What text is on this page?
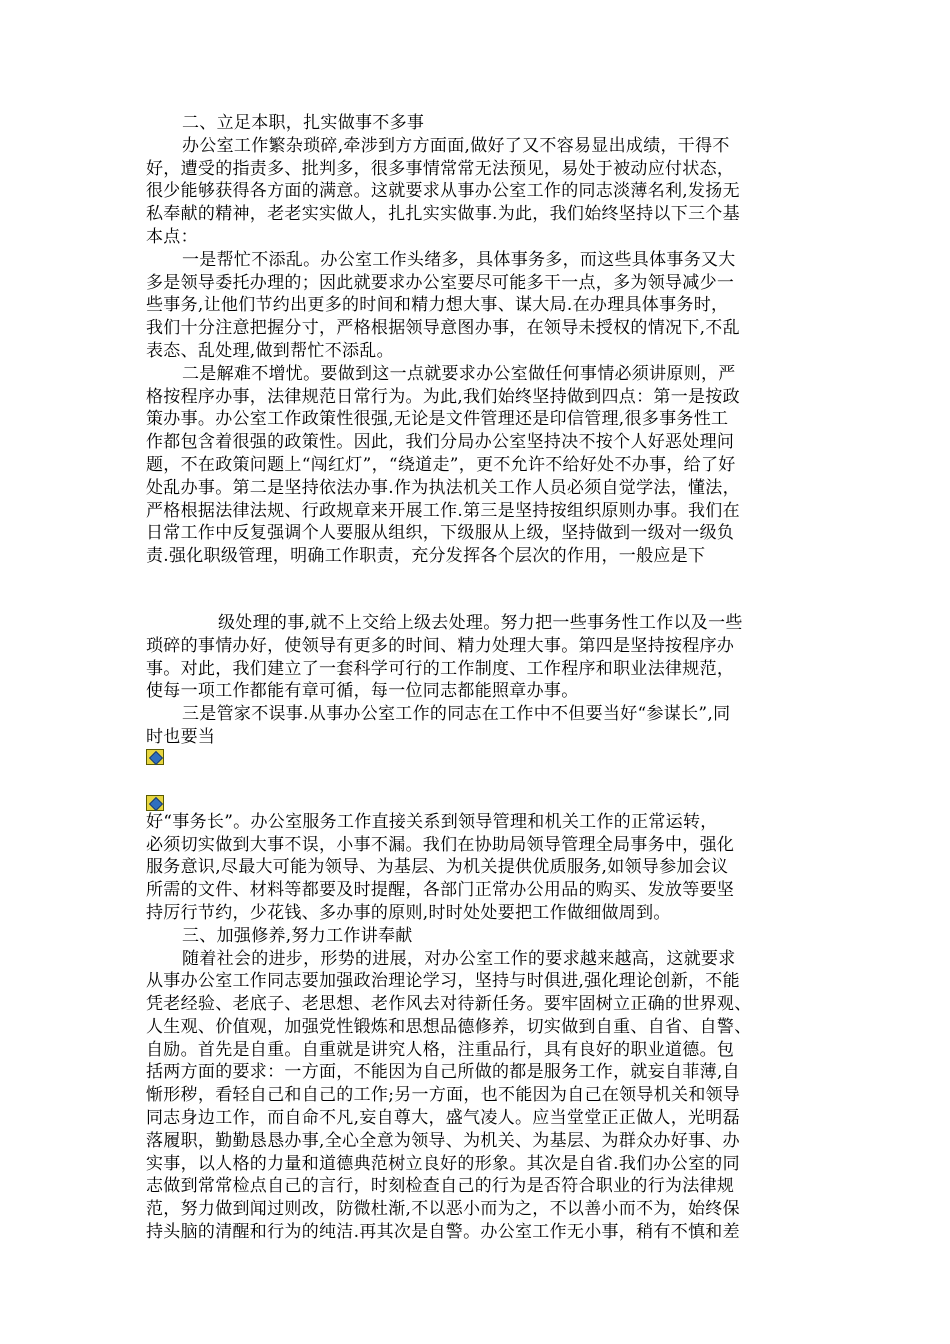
二、立足本职，扎实做事不多事
办公室工作繁杂琐碎,牵涉到方方面面,做好了又不容易显出成绩，干得不
好，遭受的指责多、批判多，很多事情常常无法预见，易处于被动应付状态，
很少能够获得各方面的满意。这就要求从事办公室工作的同志淡薄名利,发扬无
私奉献的精神，老老实实做人，扎扎实实做事.为此，我们始终坚持以下三个基
本点：
一是帮忙不添乱。办公室工作头绪多，具体事务多，而这些具体事务又大
多是领导委托办理的；因此就要求办公室要尽可能多干一点，多为领导减少一
些事务,让他们节约出更多的时间和精力想大事、谋大局.在办理具体事务时，
我们十分注意把握分寸，严格根据领导意图办事，在领导未授权的情况下,不乱
表态、乱处理,做到帮忙不添乱。
二是解难不增忧。要做到这一点就要求办公室做任何事情必须讲原则，严
格按程序办事，法律规范日常行为。为此,我们始终坚持做到四点：第一是按政
策办事。办公室工作政策性很强,无论是文件管理还是印信管理,很多事务性工
作都包含着很强的政策性。因此，我们分局办公室坚持决不按个人好恶处理问
题，不在政策问题上“闯红灯”，“绕道走”，更不允许不给好处不办事，给了好
处乱办事。第二是坚持依法办事.作为执法机关工作人员必须自觉学法，懂法，
严格根据法律法规、行政规章来开展工作.第三是坚持按组织原则办事。我们在
日常工作中反复强调个人要服从组织，下级服从上级，坚持做到一级对一级负
责.强化职级管理，明确工作职责，充分发挥各个层次的作用，一般应是下
级处理的事,就不上交给上级去处理。努力把一些事务性工作以及一些
琐碎的事情办好，使领导有更多的时间、精力处理大事。第四是坚持按程序办
事。对此，我们建立了一套科学可行的工作制度、工作程序和职业法律规范，
使每一项工作都能有章可循，每一位同志都能照章办事。
三是管家不误事.从事办公室工作的同志在工作中不但要当好“参谋长”,同
时也要当
好“事务长”。办公室服务工作直接关系到领导管理和机关工作的正常运转，
必须切实做到大事不误，小事不漏。我们在协助局领导管理全局事务中，强化
服务意识,尽最大可能为领导、为基层、为机关提供优质服务,如领导参加会议
所需的文件、材料等都要及时提醒，各部门正常办公用品的购买、发放等要坚
持厉行节约，少花钱、多办事的原则,时时处处要把工作做细做周到。
三、加强修养,努力工作讲奉献
随着社会的进步，形势的进展，对办公室工作的要求越来越高，这就要求
从事办公室工作同志要加强政治理论学习，坚持与时俱进,强化理论创新，不能
凭老经验、老底子、老思想、老作风去对待新任务。要牢固树立正确的世界观、
人生观、价值观，加强党性锻炼和思想品德修养，切实做到自重、自省、自警、
自励。首先是自重。自重就是讲究人格，注重品行，具有良好的职业道德。包
括两方面的要求：一方面，不能因为自己所做的都是服务工作，就妄自菲薄,自
惭形秽，看轻自己和自己的工作;另一方面，也不能因为自己在领导机关和领导
同志身边工作，而自命不凡,妄自尊大，盛气凌人。应当堂堂正正做人，光明磊
落履职，勤勤恳恳办事,全心全意为领导、为机关、为基层、为群众办好事、办
实事，以人格的力量和道德典范树立良好的形象。其次是自省.我们办公室的同
志做到常常检点自己的言行，时刻检查自己的行为是否符合职业的行为法律规
范，努力做到闻过则改，防微杜渐,不以恶小而为之，不以善小而不为，始终保
持头脑的清醒和行为的纯洁.再其次是自警。办公室工作无小事，稍有不慎和差
